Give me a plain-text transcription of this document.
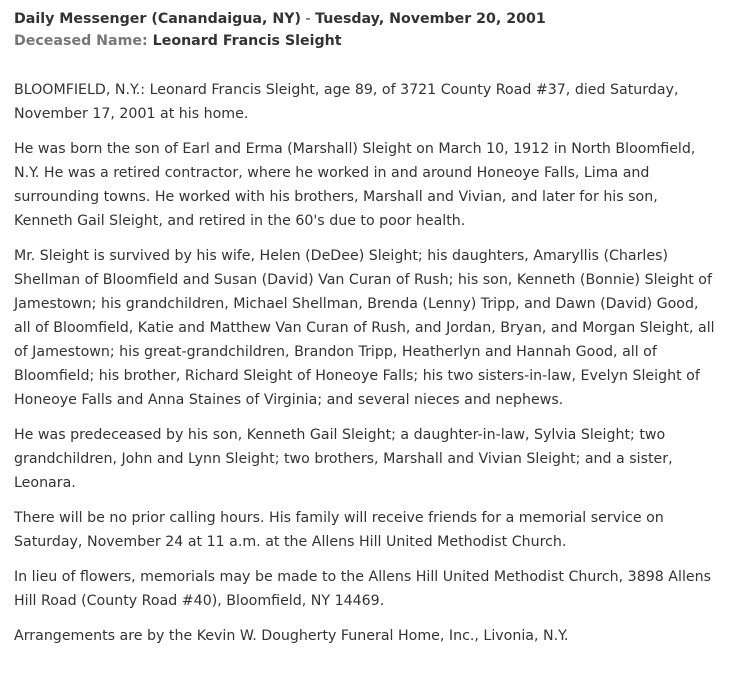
Daily Messenger (Canandaigua, NY) - Tuesday, November 20, 2001
Deceased Name: Leonard Francis Sleight

BLOOMFIELD, N.Y.: Leonard Francis Sleight, age 89, of 3721 County Road #37, died Saturday, November 17, 2001 at his home.

He was born the son of Earl and Erma (Marshall) Sleight on March 10, 1912 in North Bloomfield, N.Y. He was a retired contractor, where he worked in and around Honeoye Falls, Lima and surrounding towns. He worked with his brothers, Marshall and Vivian, and later for his son, Kenneth Gail Sleight, and retired in the 60's due to poor health.

Mr. Sleight is survived by his wife, Helen (DeDee) Sleight; his daughters, Amaryllis (Charles) Shellman of Bloomfield and Susan (David) Van Curan of Rush; his son, Kenneth (Bonnie) Sleight of Jamestown; his grandchildren, Michael Shellman, Brenda (Lenny) Tripp, and Dawn (David) Good, all of Bloomfield, Katie and Matthew Van Curan of Rush, and Jordan, Bryan, and Morgan Sleight, all of Jamestown; his great-grandchildren, Brandon Tripp, Heatherlyn and Hannah Good, all of Bloomfield; his brother, Richard Sleight of Honeoye Falls; his two sisters-in-law, Evelyn Sleight of Honeoye Falls and Anna Staines of Virginia; and several nieces and nephews.

He was predeceased by his son, Kenneth Gail Sleight; a daughter-in-law, Sylvia Sleight; two grandchildren, John and Lynn Sleight; two brothers, Marshall and Vivian Sleight; and a sister, Leonara.

There will be no prior calling hours. His family will receive friends for a memorial service on Saturday, November 24 at 11 a.m. at the Allens Hill United Methodist Church.

In lieu of flowers, memorials may be made to the Allens Hill United Methodist Church, 3898 Allens Hill Road (County Road #40), Bloomfield, NY 14469.

Arrangements are by the Kevin W. Dougherty Funeral Home, Inc., Livonia, N.Y.
